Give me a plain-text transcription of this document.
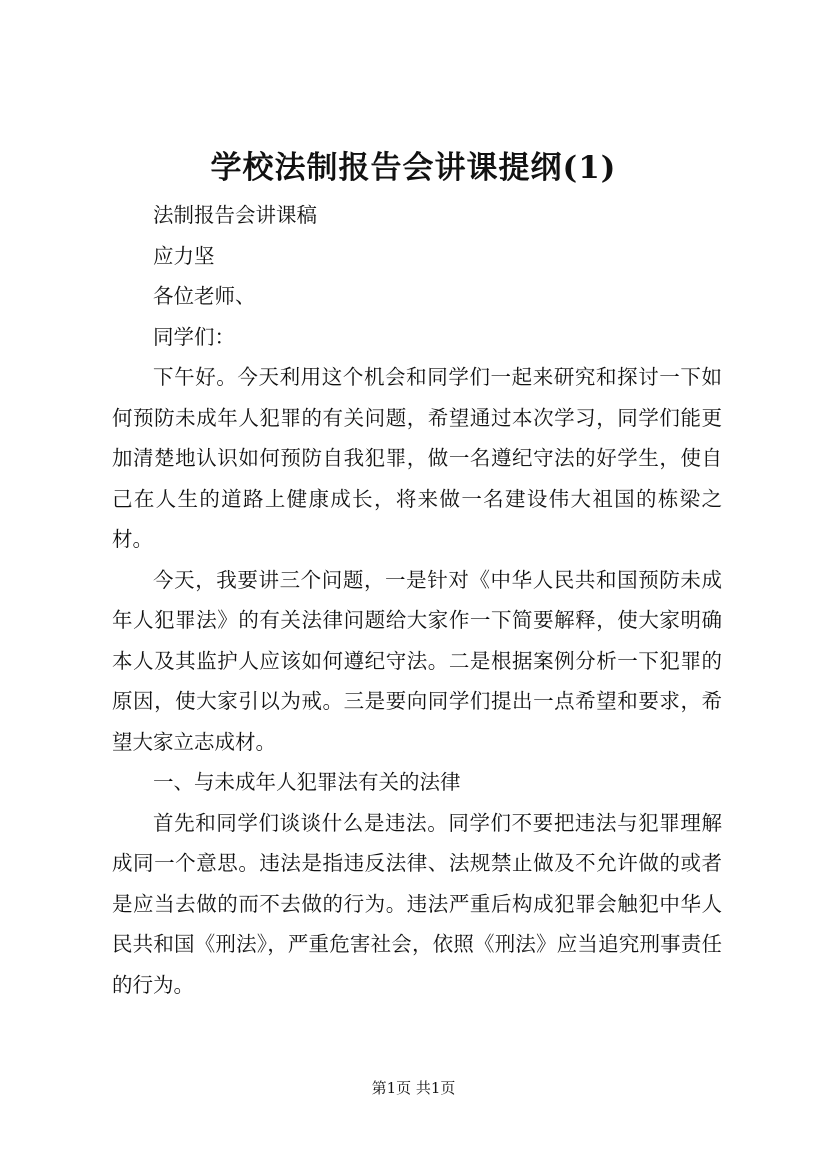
学校法制报告会讲课提纲(1)

法制报告会讲课稿

应力坚

各位老师、

同学们：

下午好。今天利用这个机会和同学们一起来研究和探讨一下如何预防未成年人犯罪的有关问题，希望通过本次学习，同学们能更加清楚地认识如何预防自我犯罪，做一名遵纪守法的好学生，使自己在人生的道路上健康成长，将来做一名建设伟大祖国的栋梁之材。

今天，我要讲三个问题，一是针对《中华人民共和国预防未成年人犯罪法》的有关法律问题给大家作一下简要解释，使大家明确本人及其监护人应该如何遵纪守法。二是根据案例分析一下犯罪的原因，使大家引以为戒。三是要向同学们提出一点希望和要求，希望大家立志成材。

一、与未成年人犯罪法有关的法律

首先和同学们谈谈什么是违法。同学们不要把违法与犯罪理解成同一个意思。违法是指违反法律、法规禁止做及不允许做的或者是应当去做的而不去做的行为。违法严重后构成犯罪会触犯中华人民共和国《刑法》，严重危害社会，依照《刑法》应当追究刑事责任的行为。

第1页 共1页
